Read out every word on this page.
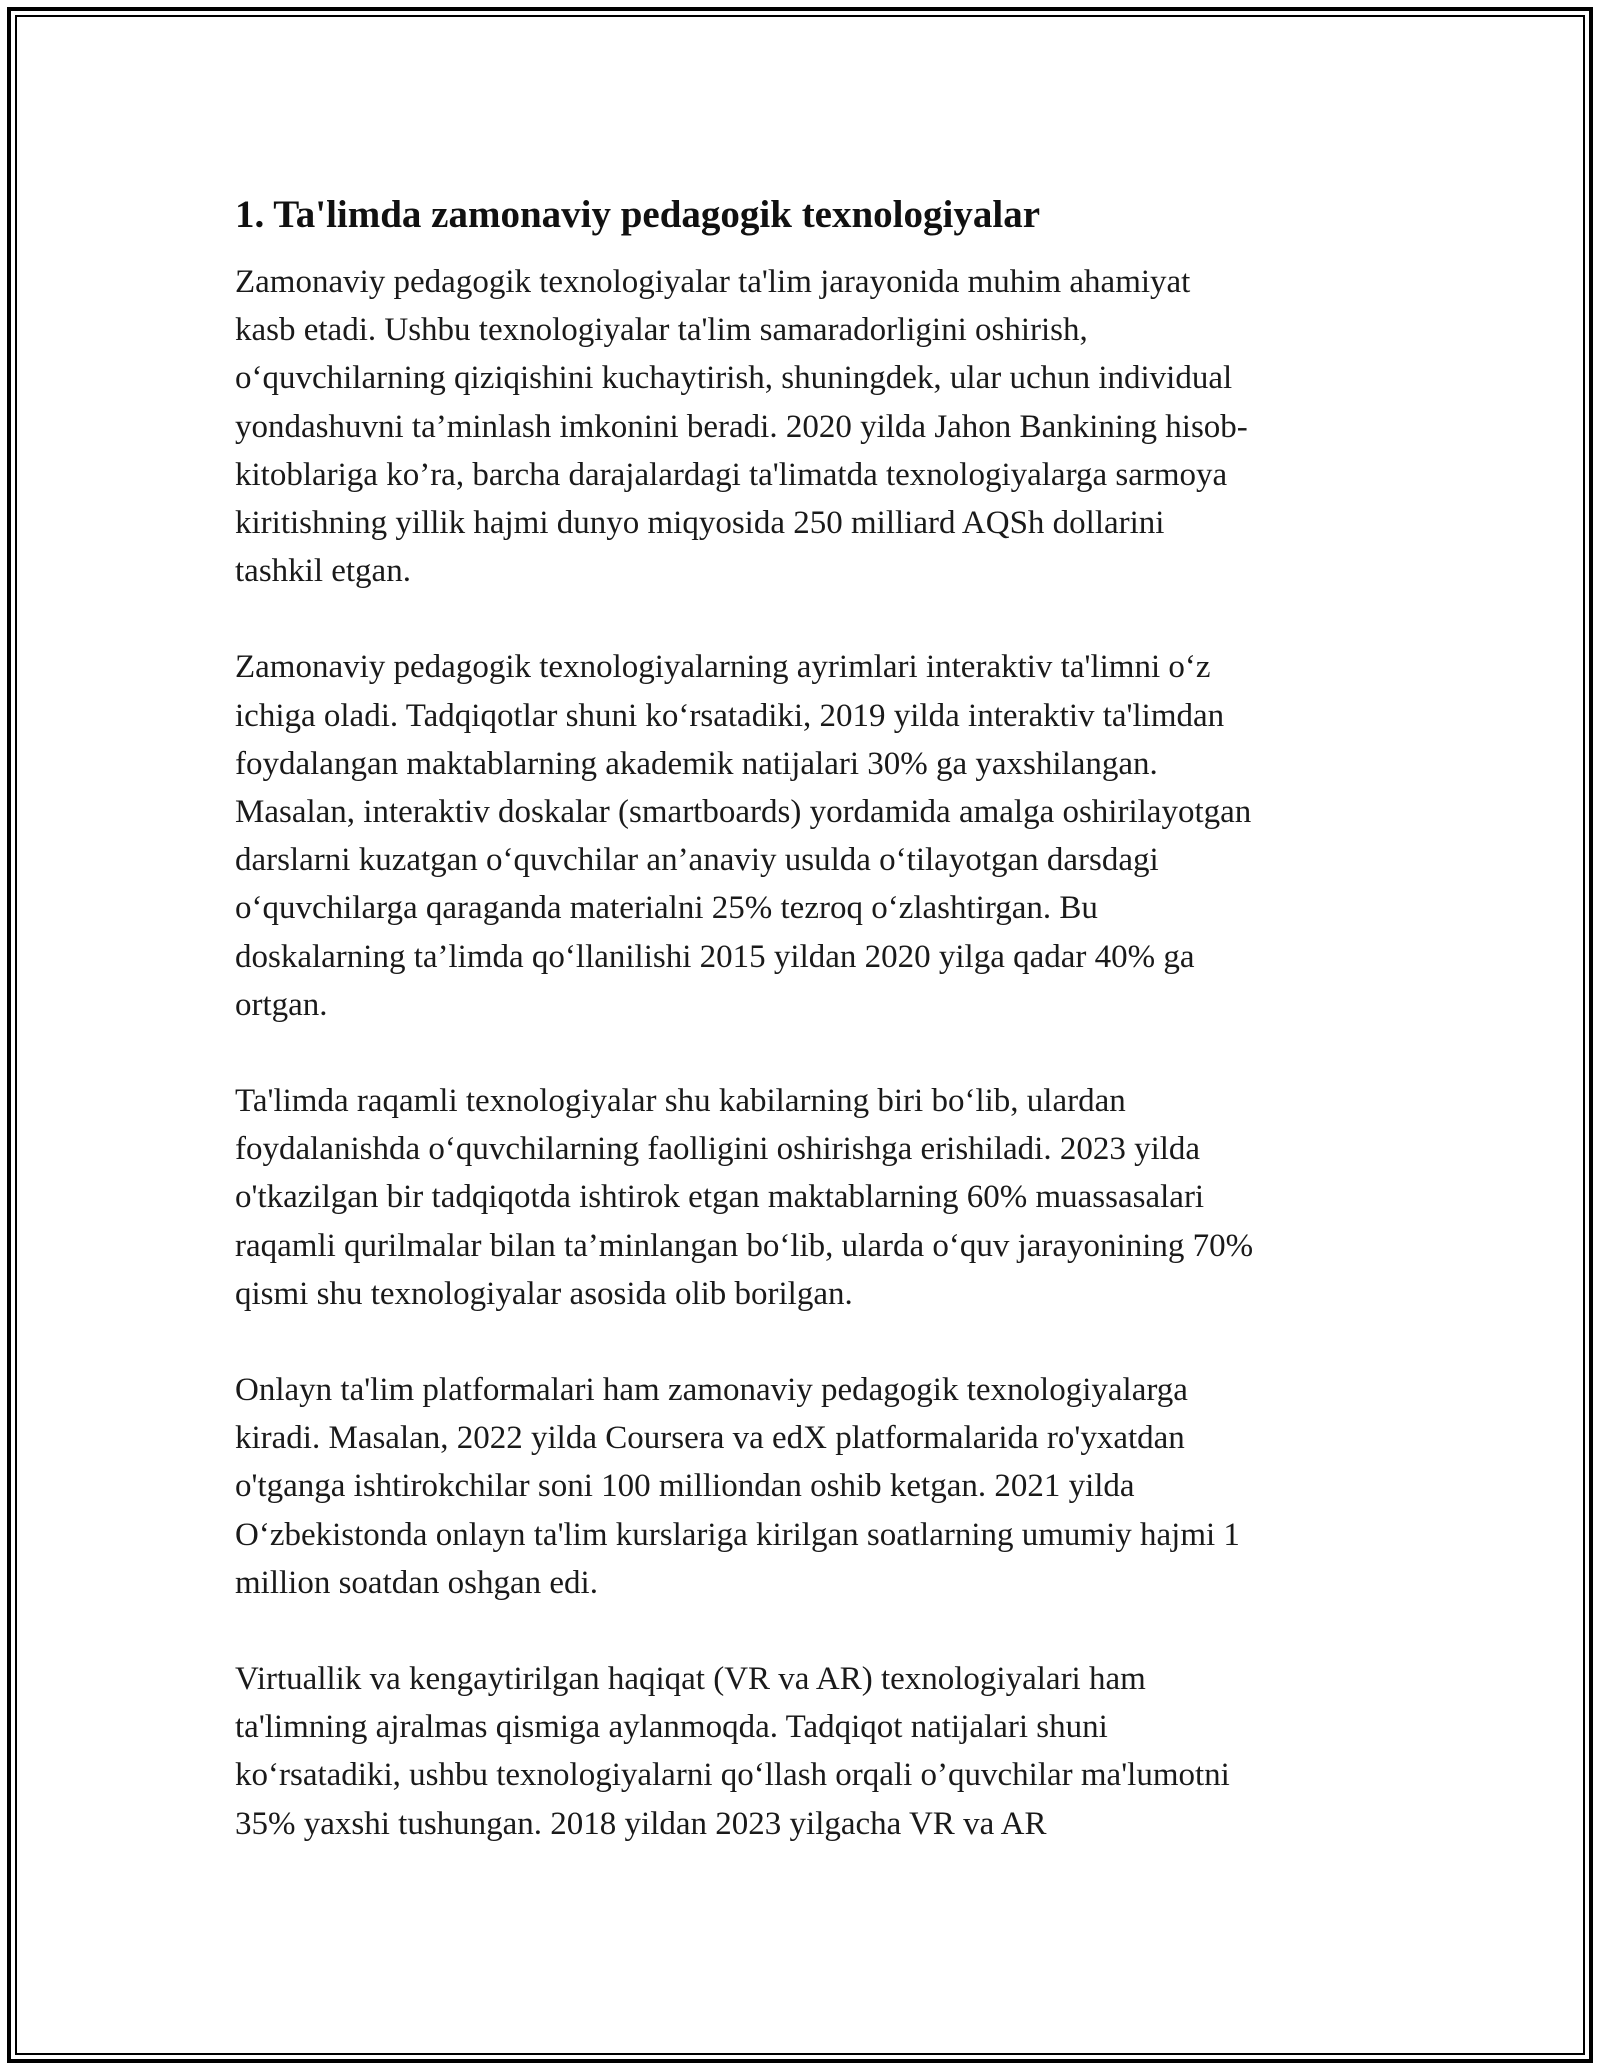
1. Ta'limda zamonaviy pedagogik texnologiyalar

Zamonaviy pedagogik texnologiyalar ta'lim jarayonida muhim ahamiyat
kasb etadi. Ushbu texnologiyalar ta'lim samaradorligini oshirish,
o‘quvchilarning qiziqishini kuchaytirish, shuningdek, ular uchun individual
yondashuvni ta’minlash imkonini beradi. 2020 yilda Jahon Bankining hisob-
kitoblariga ko’ra, barcha darajalardagi ta'limatda texnologiyalarga sarmoya
kiritishning yillik hajmi dunyo miqyosida 250 milliard AQSh dollarini
tashkil etgan.

Zamonaviy pedagogik texnologiyalarning ayrimlari interaktiv ta'limni o‘z
ichiga oladi. Tadqiqotlar shuni ko‘rsatadiki, 2019 yilda interaktiv ta'limdan
foydalangan maktablarning akademik natijalari 30% ga yaxshilangan.
Masalan, interaktiv doskalar (smartboards) yordamida amalga oshirilayotgan
darslarni kuzatgan o‘quvchilar an’anaviy usulda o‘tilayotgan darsdagi
o‘quvchilarga qaraganda materialni 25% tezroq o‘zlashtirgan. Bu
doskalarning ta’limda qo‘llanilishi 2015 yildan 2020 yilga qadar 40% ga
ortgan.

Ta'limda raqamli texnologiyalar shu kabilarning biri bo‘lib, ulardan
foydalanishda o‘quvchilarning faolligini oshirishga erishiladi. 2023 yilda
o'tkazilgan bir tadqiqotda ishtirok etgan maktablarning 60% muassasalari
raqamli qurilmalar bilan ta’minlangan bo‘lib, ularda o‘quv jarayonining 70%
qismi shu texnologiyalar asosida olib borilgan.

Onlayn ta'lim platformalari ham zamonaviy pedagogik texnologiyalarga
kiradi. Masalan, 2022 yilda Coursera va edX platformalarida ro'yxatdan
o'tganga ishtirokchilar soni 100 milliondan oshib ketgan. 2021 yilda
O‘zbekistonda onlayn ta'lim kurslariga kirilgan soatlarning umumiy hajmi 1
million soatdan oshgan edi.

Virtuallik va kengaytirilgan haqiqat (VR va AR) texnologiyalari ham
ta'limning ajralmas qismiga aylanmoqda. Tadqiqot natijalari shuni
ko‘rsatadiki, ushbu texnologiyalarni qo‘llash orqali o’quvchilar ma'lumotni
35% yaxshi tushungan. 2018 yildan 2023 yilgacha VR va AR
